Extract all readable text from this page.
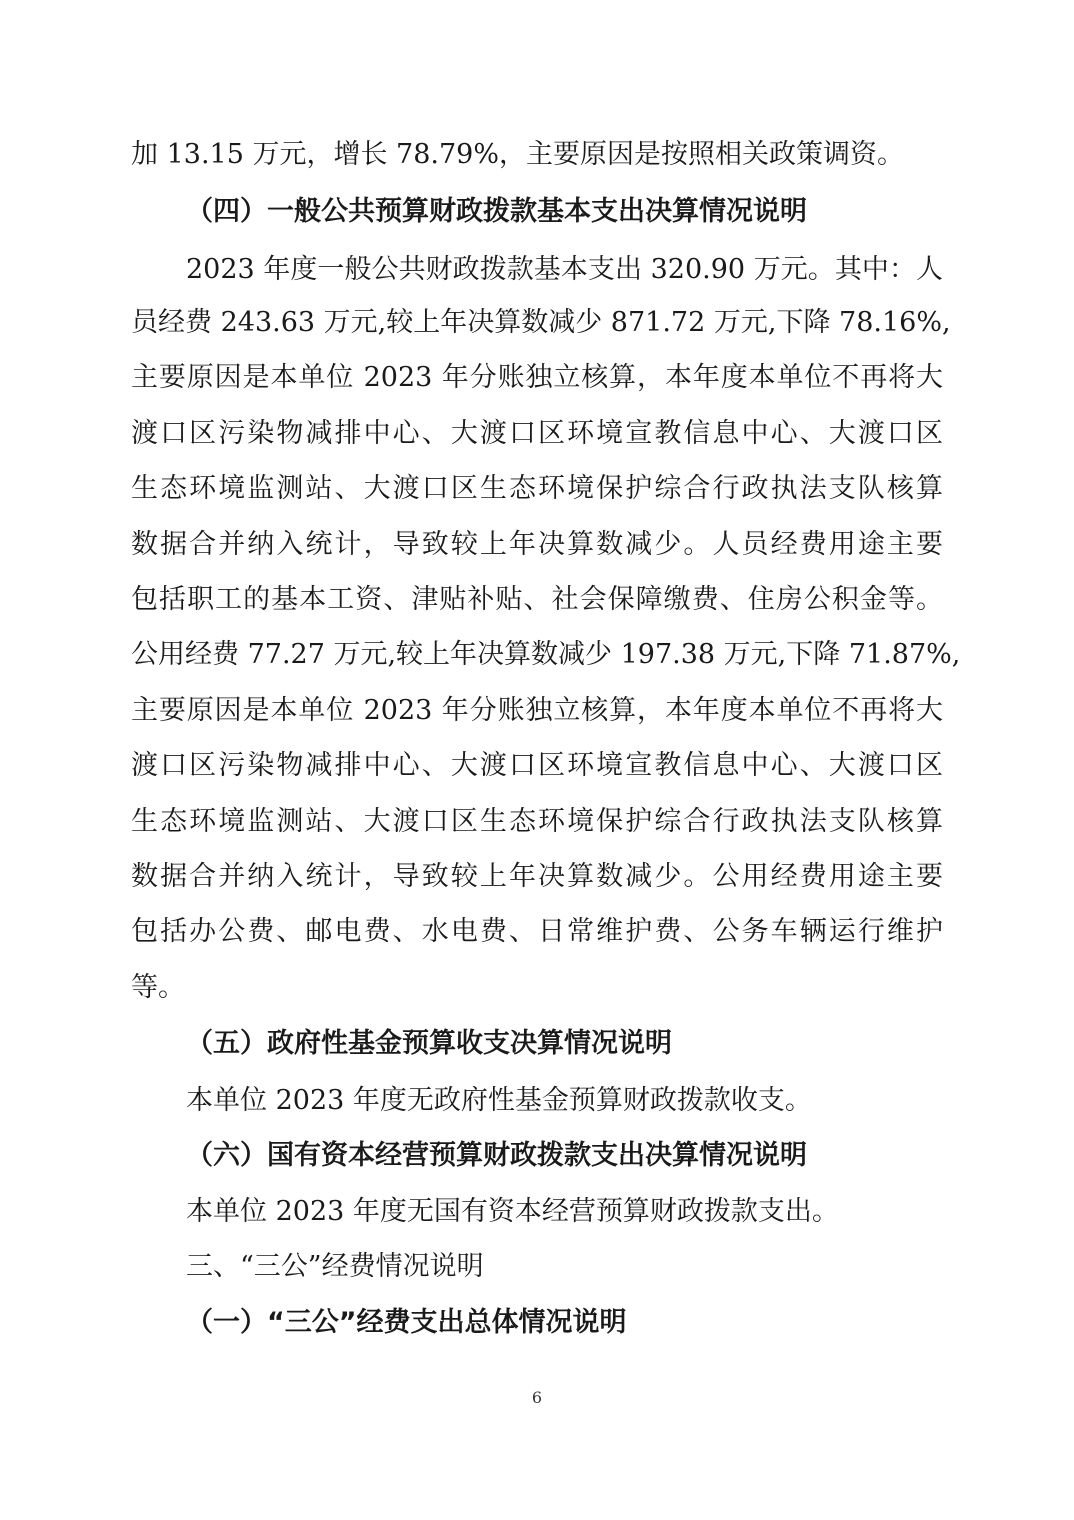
加 13.15 万元，增长 78.79%，主要原因是按照相关政策调资。
（四）一般公共预算财政拨款基本支出决算情况说明
2023 年度一般公共财政拨款基本支出 320.90 万元。其中：人
员经费 243.63 万元,较上年决算数减少 871.72 万元,下降 78.16%,
主要原因是本单位 2023 年分账独立核算，本年度本单位不再将大
渡口区污染物减排中心、大渡口区环境宣教信息中心、大渡口区
生态环境监测站、大渡口区生态环境保护综合行政执法支队核算
数据合并纳入统计，导致较上年决算数减少。人员经费用途主要
包括职工的基本工资、津贴补贴、社会保障缴费、住房公积金等。
公用经费 77.27 万元,较上年决算数减少 197.38 万元,下降 71.87%,
主要原因是本单位 2023 年分账独立核算，本年度本单位不再将大
渡口区污染物减排中心、大渡口区环境宣教信息中心、大渡口区
生态环境监测站、大渡口区生态环境保护综合行政执法支队核算
数据合并纳入统计，导致较上年决算数减少。公用经费用途主要
包括办公费、邮电费、水电费、日常维护费、公务车辆运行维护
等。
（五）政府性基金预算收支决算情况说明
本单位 2023 年度无政府性基金预算财政拨款收支。
（六）国有资本经营预算财政拨款支出决算情况说明
本单位 2023 年度无国有资本经营预算财政拨款支出。
三、“三公”经费情况说明
（一）“三公”经费支出总体情况说明
6
